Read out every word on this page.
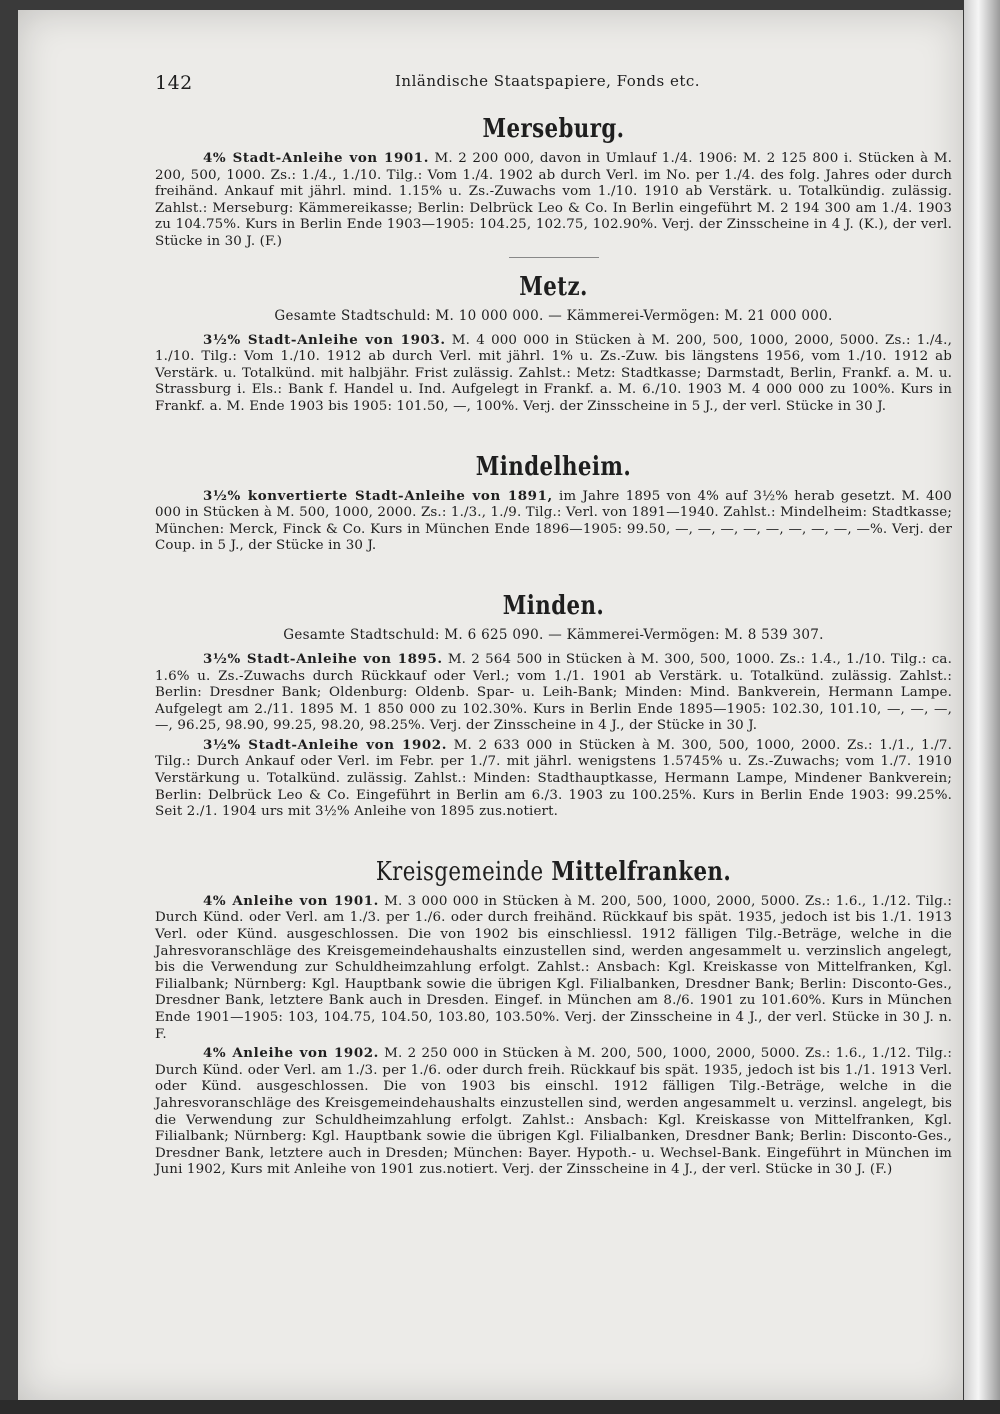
142	Inländische Staatspapiere, Fonds etc.
Merseburg.

4% Stadt-Anleihe von 1901. M. 2 200 000, davon in Umlauf 1./4. 1906: M. 2 125 800 i. Stücken à M. 200, 500, 1000. Zs.: 1./4., 1./10. Tilg.: Vom 1./4. 1902 ab durch Verl. im No. per 1./4. des folg. Jahres oder durch freihänd. Ankauf mit jährl. mind. 1.15% u. Zs.-Zuwachs vom 1./10. 1910 ab Verstärk. u. Totalkündig. zulässig. Zahlst.: Merseburg: Kämmereikasse; Berlin: Delbrück Leo & Co. In Berlin eingeführt M. 2 194 300 am 1./4. 1903 zu 104.75%. Kurs in Berlin Ende 1903—1905: 104.25, 102.75, 102.90%. Verj. der Zinsscheine in 4 J. (K.), der verl. Stücke in 30 J. (F.)

Metz.
Gesamte Stadtschuld: M. 10 000 000. — Kämmerei-Vermögen: M. 21 000 000.

3½% Stadt-Anleihe von 1903. M. 4 000 000 in Stücken à M. 200, 500, 1000, 2000, 5000. Zs.: 1./4., 1./10. Tilg.: Vom 1./10. 1912 ab durch Verl. mit jährl. 1% u. Zs.-Zuw. bis längstens 1956, vom 1./10. 1912 ab Verstärk. u. Totalkünd. mit halbjähr. Frist zulässig. Zahlst.: Metz: Stadtkasse; Darmstadt, Berlin, Frankf. a. M. u. Strassburg i. Els.: Bank f. Handel u. Ind. Aufgelegt in Frankf. a. M. 6./10. 1903 M. 4 000 000 zu 100%. Kurs in Frankf. a. M. Ende 1903 bis 1905: 101.50, —, 100%. Verj. der Zinsscheine in 5 J., der verl. Stücke in 30 J.

Mindelheim.

3½% konvertierte Stadt-Anleihe von 1891, im Jahre 1895 von 4% auf 3½% herab gesetzt. M. 400 000 in Stücken à M. 500, 1000, 2000. Zs.: 1./3., 1./9. Tilg.: Verl. von 1891—1940. Zahlst.: Mindelheim: Stadtkasse; München: Merck, Finck & Co. Kurs in München Ende 1896—1905: 99.50, —, —, —, —, —, —, —, —, —%. Verj. der Coup. in 5 J., der Stücke in 30 J.

Minden.
Gesamte Stadtschuld: M. 6 625 090. — Kämmerei-Vermögen: M. 8 539 307.

3½% Stadt-Anleihe von 1895. M. 2 564 500 in Stücken à M. 300, 500, 1000. Zs.: 1.4., 1./10. Tilg.: ca. 1.6% u. Zs.-Zuwachs durch Rückkauf oder Verl.; vom 1./1. 1901 ab Verstärk. u. Totalkünd. zulässig. Zahlst.: Berlin: Dresdner Bank; Oldenburg: Oldenb. Spar- u. Leih-Bank; Minden: Mind. Bankverein, Hermann Lampe. Aufgelegt am 2./11. 1895 M. 1 850 000 zu 102.30%. Kurs in Berlin Ende 1895—1905: 102.30, 101.10, —, —, —, —, 96.25, 98.90, 99.25, 98.20, 98.25%. Verj. der Zinsscheine in 4 J., der Stücke in 30 J.

3½% Stadt-Anleihe von 1902. M. 2 633 000 in Stücken à M. 300, 500, 1000, 2000. Zs.: 1./1., 1./7. Tilg.: Durch Ankauf oder Verl. im Febr. per 1./7. mit jährl. wenigstens 1.5745% u. Zs.-Zuwachs; vom 1./7. 1910 Verstärkung u. Totalkünd. zulässig. Zahlst.: Minden: Stadthauptkasse, Hermann Lampe, Mindener Bankverein; Berlin: Delbrück Leo & Co. Eingeführt in Berlin am 6./3. 1903 zu 100.25%. Kurs in Berlin Ende 1903: 99.25%. Seit 2./1. 1904 urs mit 3½% Anleihe von 1895 zus.notiert.

Kreisgemeinde Mittelfranken.

4% Anleihe von 1901. M. 3 000 000 in Stücken à M. 200, 500, 1000, 2000, 5000. Zs.: 1.6., 1./12. Tilg.: Durch Künd. oder Verl. am 1./3. per 1./6. oder durch freihänd. Rückkauf bis spät. 1935, jedoch ist bis 1./1. 1913 Verl. oder Künd. ausgeschlossen. Die von 1902 bis einschliessl. 1912 fälligen Tilg.-Beträge, welche in die Jahresvoranschläge des Kreisgemeindehaushalts einzustellen sind, werden angesammelt u. verzinslich angelegt, bis die Verwendung zur Schuldheimzahlung erfolgt. Zahlst.: Ansbach: Kgl. Kreiskasse von Mittelfranken, Kgl. Filialbank; Nürnberg: Kgl. Hauptbank sowie die übrigen Kgl. Filialbanken, Dresdner Bank; Berlin: Disconto-Ges., Dresdner Bank, letztere Bank auch in Dresden. Eingef. in München am 8./6. 1901 zu 101.60%. Kurs in München Ende 1901—1905: 103, 104.75, 104.50, 103.80, 103.50%. Verj. der Zinsscheine in 4 J., der verl. Stücke in 30 J. n. F.

4% Anleihe von 1902. M. 2 250 000 in Stücken à M. 200, 500, 1000, 2000, 5000. Zs.: 1.6., 1./12. Tilg.: Durch Künd. oder Verl. am 1./3. per 1./6. oder durch freih. Rückkauf bis spät. 1935, jedoch ist bis 1./1. 1913 Verl. oder Künd. ausgeschlossen. Die von 1903 bis einschl. 1912 fälligen Tilg.-Beträge, welche in die Jahresvoranschläge des Kreisgemeindehaushalts einzustellen sind, werden angesammelt u. verzinsl. angelegt, bis die Verwendung zur Schuldheimzahlung erfolgt. Zahlst.: Ansbach: Kgl. Kreiskasse von Mittelfranken, Kgl. Filialbank; Nürnberg: Kgl. Hauptbank sowie die übrigen Kgl. Filialbanken, Dresdner Bank; Berlin: Disconto-Ges., Dresdner Bank, letztere auch in Dresden; München: Bayer. Hypoth.- u. Wechsel-Bank. Eingeführt in München im Juni 1902, Kurs mit Anleihe von 1901 zus.notiert. Verj. der Zinsscheine in 4 J., der verl. Stücke in 30 J. (F.)
